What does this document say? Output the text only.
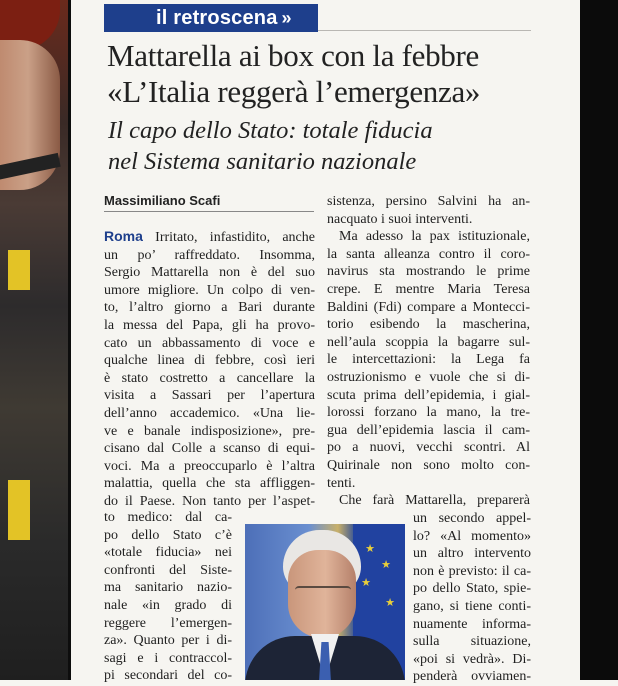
il retroscena »
Mattarella ai box con la febbre
«L’Italia reggerà l’emergenza»
Il capo dello Stato: totale fiducia
nel Sistema sanitario nazionale
Massimiliano Scafi
Roma Irritato, infastidito, anche
un po’ raffreddato. Insomma,
Sergio Mattarella non è del suo
umore migliore. Un colpo di ven-
to, l’altro giorno a Bari durante
la messa del Papa, gli ha provo-
cato un abbassamento di voce e
qualche linea di febbre, così ieri
è stato costretto a cancellare la
visita a Sassari per l’apertura
dell’anno accademico. «Una lie-
ve e banale indisposizione», pre-
cisano dal Colle a scanso di equi-
voci. Ma a preoccuparlo è l’altra
malattia, quella che sta affliggen-
do il Paese. Non tanto per l’aspet-
to medico: dal ca-
po dello Stato c’è
«totale fiducia» nei
confronti del Siste-
ma sanitario nazio-
nale «in grado di
reggere l’emergen-
za». Quanto per i di-
sagi e i contraccol-
pi secondari del co-
sistenza, persino Salvini ha an-
nacquato i suoi interventi.
Ma adesso la pax istituzionale,
la santa alleanza contro il coro-
navirus sta mostrando le prime
crepe. E mentre Maria Teresa
Baldini (Fdi) compare a Montecci-
torio esibendo la mascherina,
nell’aula scoppia la bagarre sul-
le intercettazioni: la Lega fa
ostruzionismo e vuole che si di-
scuta prima dell’epidemia, i gial-
lorossi forzano la mano, la tre-
gua dell’epidemia lascia il cam-
po a nuovi, vecchi scontri. Al
Quirinale non sono molto con-
tenti.
Che farà Mattarella, preparerà
un secondo appel-
lo? «Al momento»
un altro intervento
non è previsto: il ca-
po dello Stato, spie-
gano, si tiene conti-
nuamente informa-
sulla situazione,
«poi si vedrà». Di-
penderà ovviamen-
★
★
★
★
